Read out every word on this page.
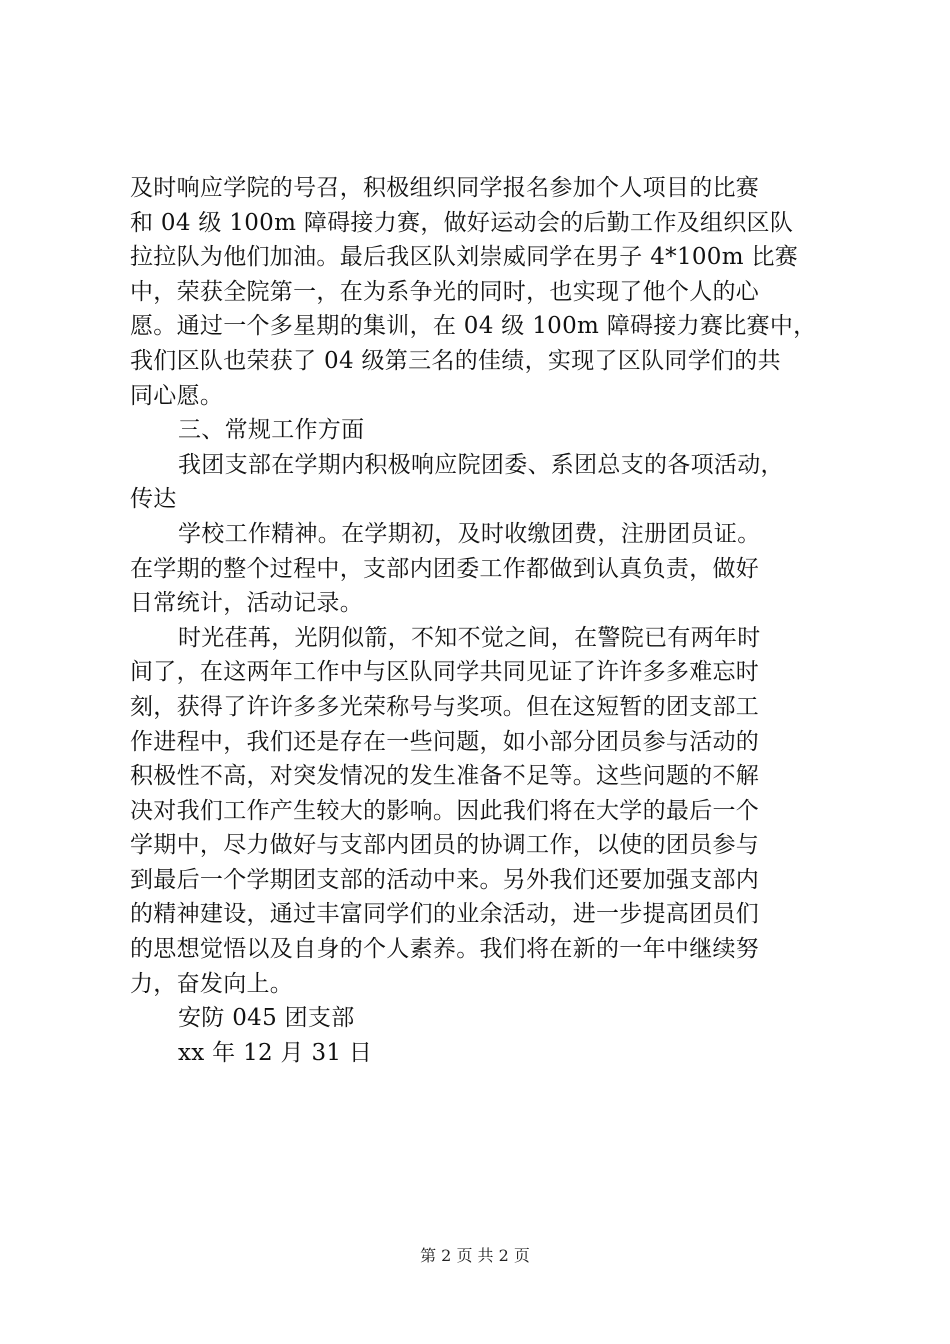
及时响应学院的号召，积极组织同学报名参加个人项目的比赛
和 04 级 100m 障碍接力赛，做好运动会的后勤工作及组织区队
拉拉队为他们加油。最后我区队刘崇威同学在男子 4*100m 比赛
中，荣获全院第一，在为系争光的同时，也实现了他个人的心
愿。通过一个多星期的集训，在 04 级 100m 障碍接力赛比赛中，
我们区队也荣获了 04 级第三名的佳绩，实现了区队同学们的共
同心愿。
三、常规工作方面
我团支部在学期内积极响应院团委、系团总支的各项活动，
传达
学校工作精神。在学期初，及时收缴团费，注册团员证。
在学期的整个过程中，支部内团委工作都做到认真负责，做好
日常统计，活动记录。
时光荏苒，光阴似箭，不知不觉之间，在警院已有两年时
间了，在这两年工作中与区队同学共同见证了许许多多难忘时
刻，获得了许许多多光荣称号与奖项。但在这短暂的团支部工
作进程中，我们还是存在一些问题，如小部分团员参与活动的
积极性不高，对突发情况的发生准备不足等。这些问题的不解
决对我们工作产生较大的影响。因此我们将在大学的最后一个
学期中，尽力做好与支部内团员的协调工作，以使的团员参与
到最后一个学期团支部的活动中来。另外我们还要加强支部内
的精神建设，通过丰富同学们的业余活动，进一步提高团员们
的思想觉悟以及自身的个人素养。我们将在新的一年中继续努
力，奋发向上。
安防 045 团支部
xx 年 12 月 31 日
第 2 页 共 2 页
